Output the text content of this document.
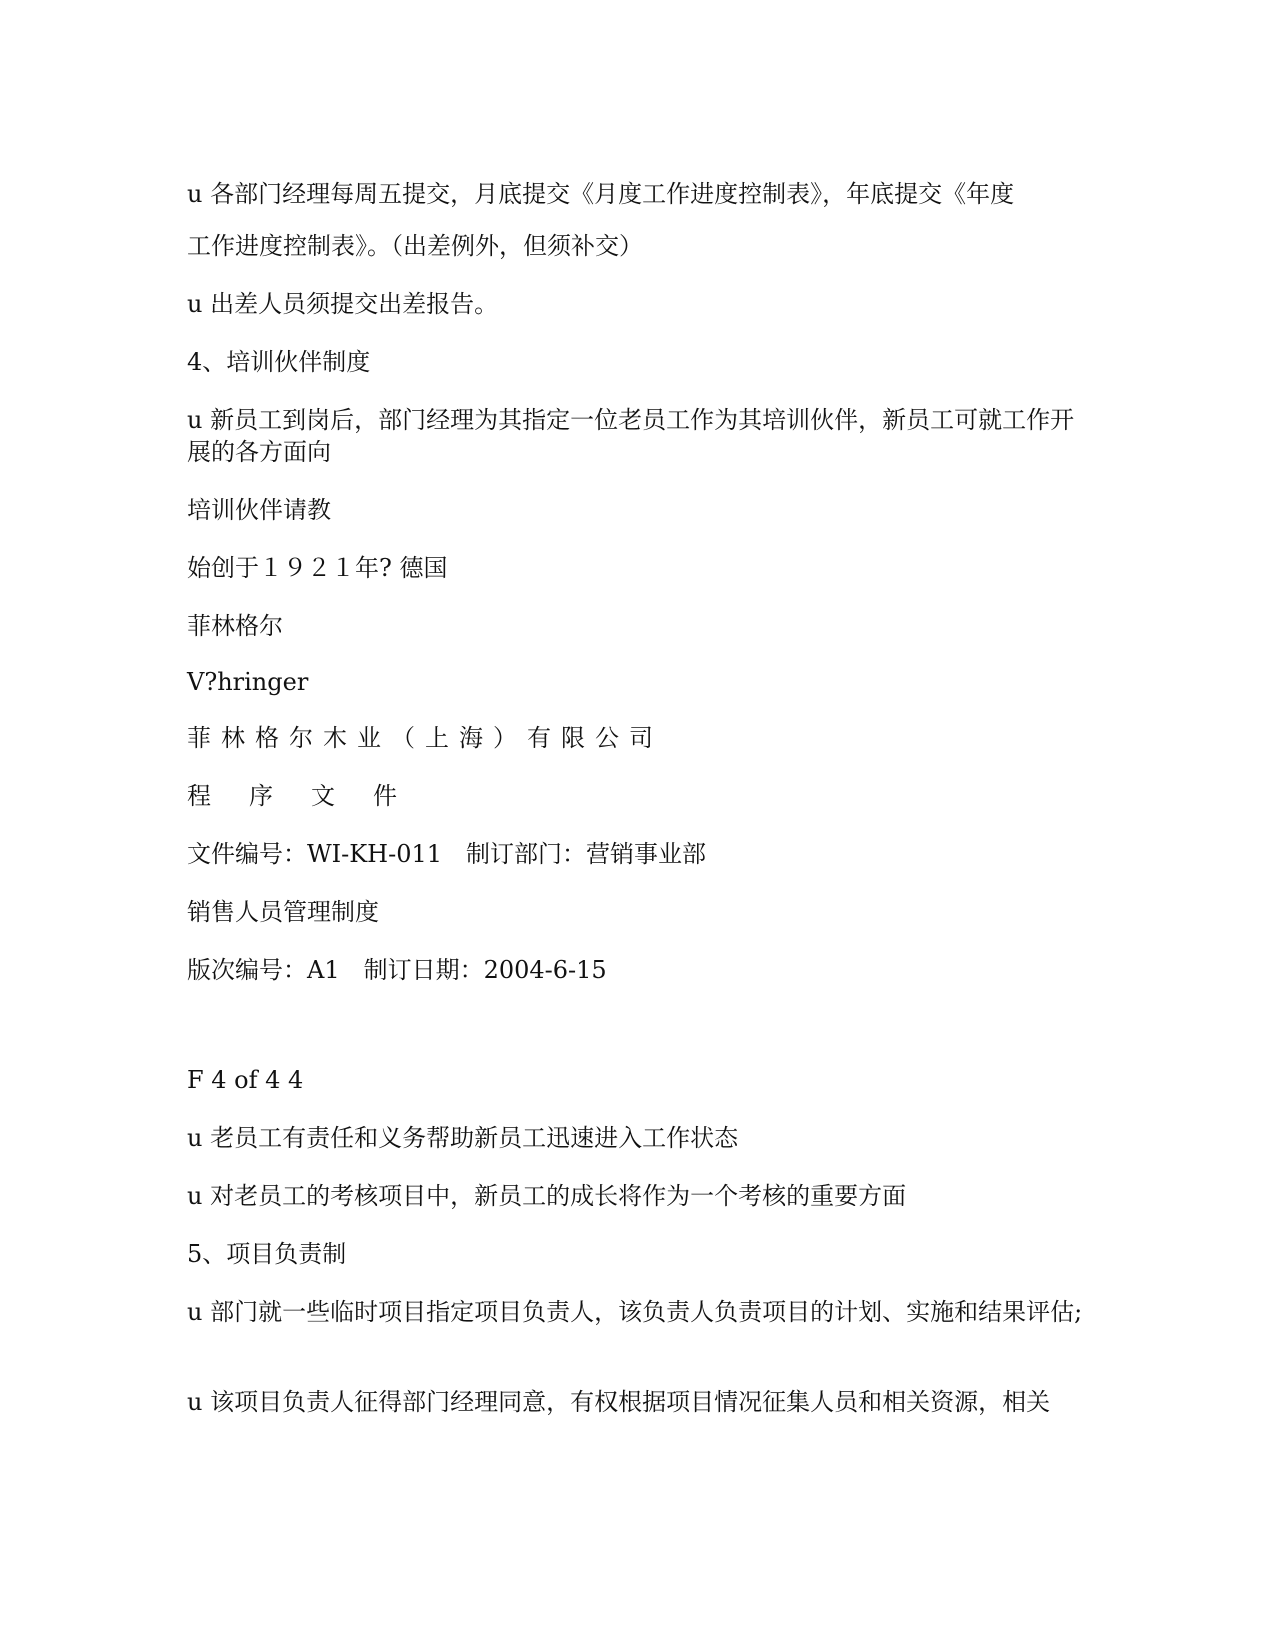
u 各部门经理每周五提交，月底提交《月度工作进度控制表》，年底提交《年度

工作进度控制表》。（出差例外，但须补交）

u 出差人员须提交出差报告。

4、培训伙伴制度

u 新员工到岗后，部门经理为其指定一位老员工作为其培训伙伴，新员工可就工作开展的各方面向

培训伙伴请教

始创于１９２１年? 德国

菲林格尔

V?hringer

菲林格尔木业（上海）有限公司

程序文件

文件编号：WI-KH-011　制订部门：营销事业部

销售人员管理制度

版次编号：A1　制订日期：2004-6-15

F 4 of 4 4

u 老员工有责任和义务帮助新员工迅速进入工作状态

u 对老员工的考核项目中，新员工的成长将作为一个考核的重要方面

5、项目负责制

u 部门就一些临时项目指定项目负责人，该负责人负责项目的计划、实施和结果评估;

u 该项目负责人征得部门经理同意，有权根据项目情况征集人员和相关资源，相关
